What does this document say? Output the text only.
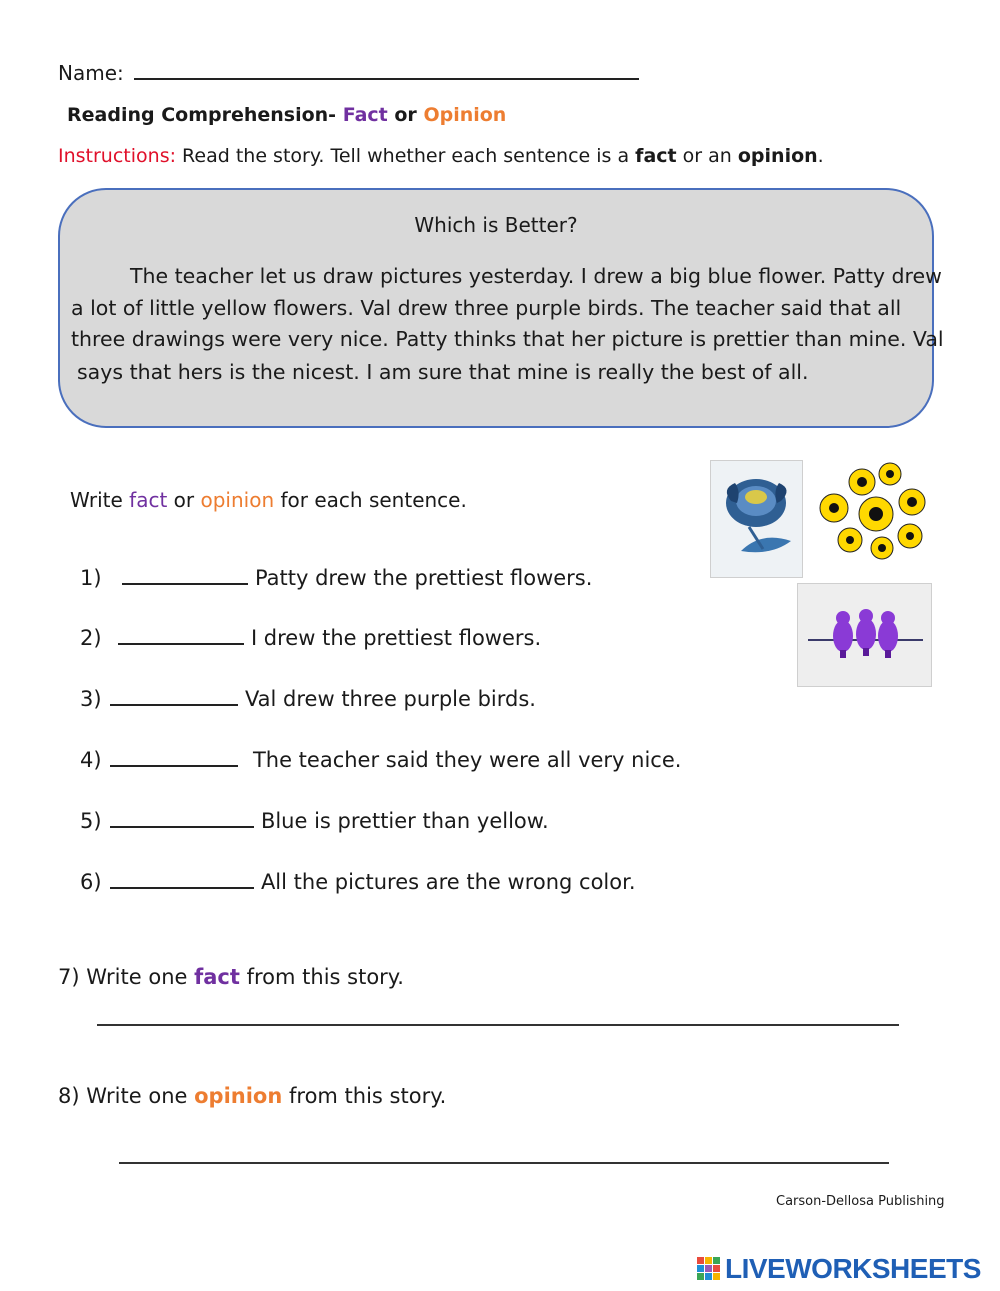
Name:
Reading Comprehension- Fact or Opinion
Instructions: Read the story. Tell whether each sentence is a fact or an opinion.
Which is Better?
The teacher let us draw pictures yesterday. I drew a big blue flower. Patty drew
a lot of little yellow flowers. Val drew three purple birds. The teacher said that all
three drawings were very nice. Patty thinks that her picture is prettier than mine. Val
says that hers is the nicest. I am sure that mine is really the best of all.
Write fact or opinion for each sentence.
1)	Patty drew the prettiest flowers.
2)	I drew the prettiest flowers.
3)	Val drew three purple birds.
4)	The teacher said they were all very nice.
5)	Blue is prettier than yellow.
6)	All the pictures are the wrong color.
7) Write one fact from this story.
8) Write one opinion from this story.
Carson-Dellosa Publishing
LIVEWORKSHEETS
